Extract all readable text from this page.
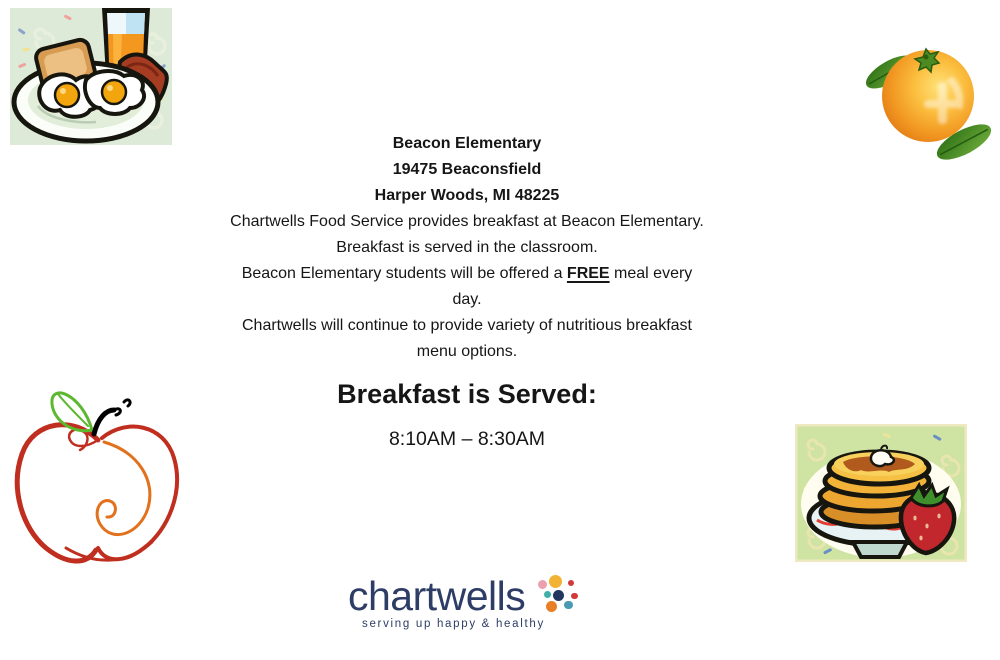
Beacon Elementary
19475 Beaconsfield
Harper Woods, MI 48225

Chartwells Food Service provides breakfast at Beacon Elementary.

Breakfast is served in the classroom.

Beacon Elementary students will be offered a FREE meal every
day.

Chartwells will continue to provide variety of nutritious breakfast
menu options.

Breakfast is Served:
8:10AM – 8:30AM
chartwells
serving up happy & healthy
